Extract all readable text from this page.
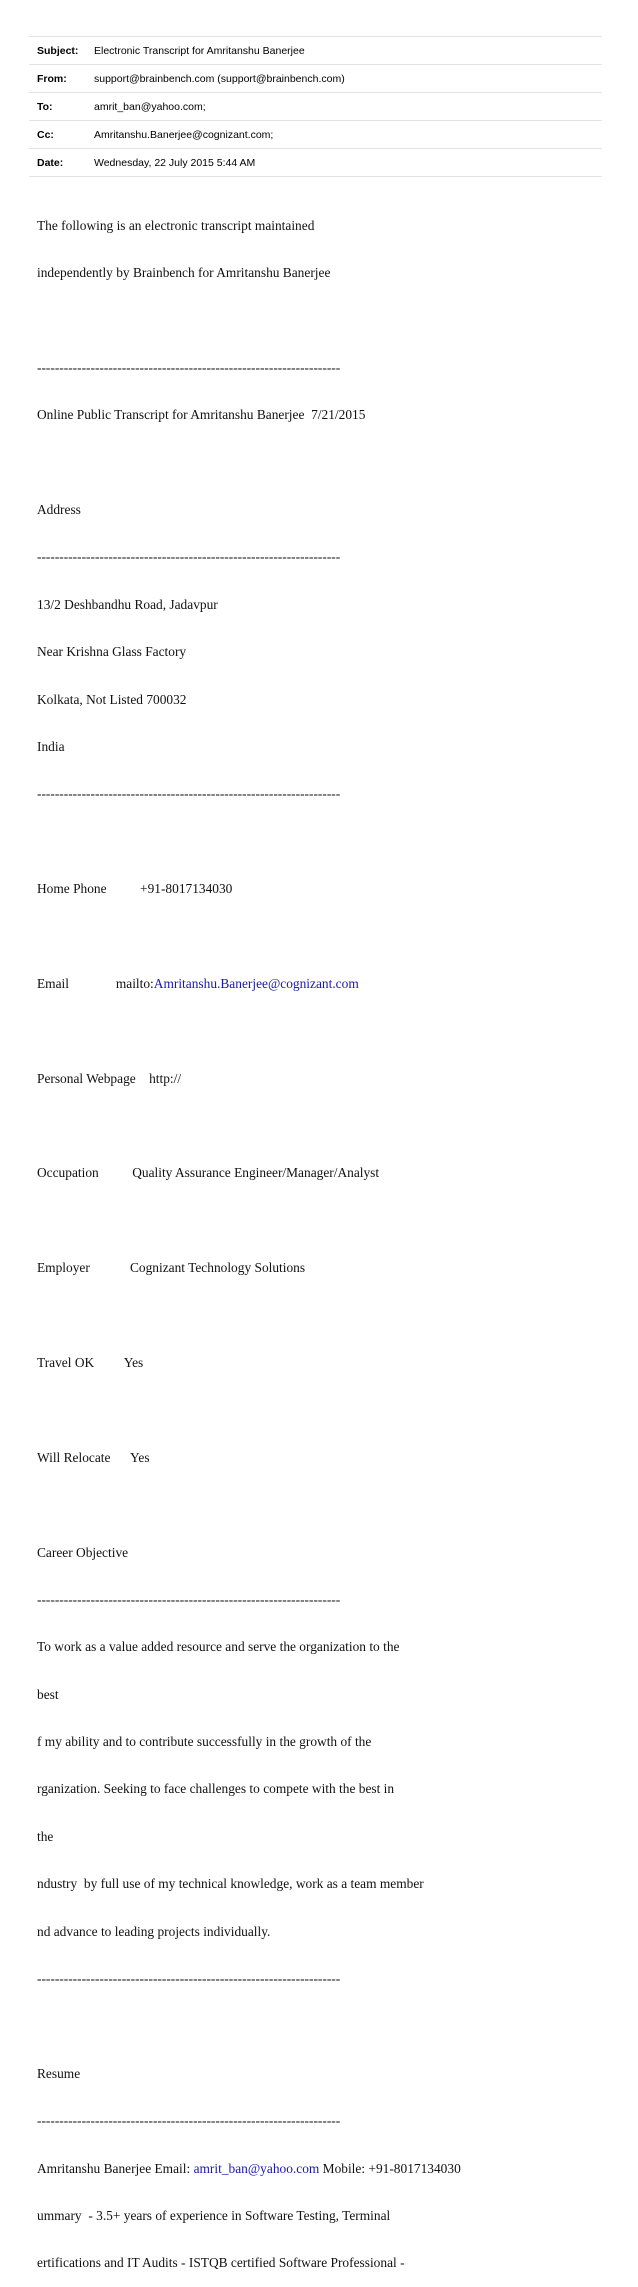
Subject:	Electronic Transcript for Amritanshu Banerjee
From:	support@brainbench.com (support@brainbench.com)
To:	amrit_ban@yahoo.com;
Cc:	Amritanshu.Banerjee@cognizant.com;
Date:	Wednesday, 22 July 2015 5:44 AM

The following is an electronic transcript maintained

independently by Brainbench for Amritanshu Banerjee

--------------------------------------------------------------------

Online Public Transcript for Amritanshu Banerjee  7/21/2015

Address

--------------------------------------------------------------------

13/2 Deshbandhu Road, Jadavpur

Near Krishna Glass Factory

Kolkata, Not Listed 700032

India

--------------------------------------------------------------------

Home Phone          +91-8017134030

Email              mailto:Amritanshu.Banerjee@cognizant.com

Personal Webpage    http://

Occupation          Quality Assurance Engineer/Manager/Analyst

Employer            Cognizant Technology Solutions

Travel OK         Yes

Will Relocate      Yes

Career Objective

--------------------------------------------------------------------

To work as a value added resource and serve the organization to the

best

f my ability and to contribute successfully in the growth of the

rganization. Seeking to face challenges to compete with the best in

the

ndustry  by full use of my technical knowledge, work as a team member

nd advance to leading projects individually.

--------------------------------------------------------------------

Resume

--------------------------------------------------------------------

Amritanshu Banerjee Email: amrit_ban@yahoo.com Mobile: +91-8017134030

ummary  - 3.5+ years of experience in Software Testing, Terminal

ertifications and IT Audits - ISTQB certified Software Professional -
